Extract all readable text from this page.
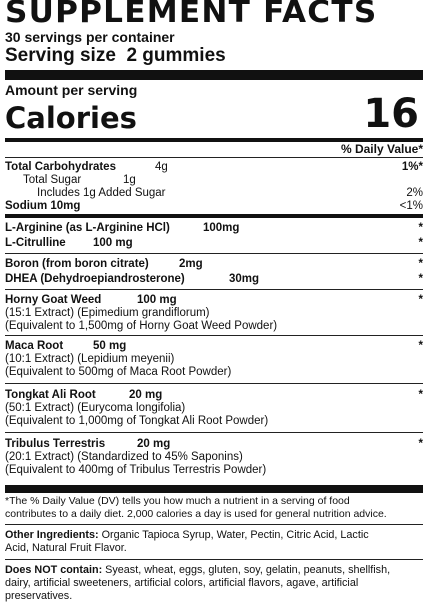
SUPPLEMENT FACTS
30 servings per container
Serving size  2 gummies
Amount per serving
Calories	16
% Daily Value*
Total Carbohydrates	4g	1%*
Total Sugar	1g
Includes 1g Added Sugar	2%
Sodium 10mg	<1%
L-Arginine (as L-Arginine HCl)	100mg	*
L-Citrulline 100 mg	*
Boron (from boron citrate)	2mg	*
DHEA (Dehydroepiandrosterone)	30mg	*
Horny Goat Weed	100 mg	*
(15:1 Extract) (Epimedium grandiflorum)
(Equivalent to 1,500mg of Horny Goat Weed Powder)
Maca Root	50 mg	*
(10:1 Extract) (Lepidium meyenii)
(Equivalent to 500mg of Maca Root Powder)
Tongkat Ali Root	20 mg	*
(50:1 Extract) (Eurycoma longifolia)
(Equivalent to 1,000mg of Tongkat Ali Root Powder)
Tribulus Terrestris	20 mg	*
(20:1 Extract) (Standardized to 45% Saponins)
(Equivalent to 400mg of Tribulus Terrestris Powder)
*The % Daily Value (DV) tells you how much a nutrient in a serving of food
contributes to a daily diet. 2,000 calories a day is used for general nutrition advice.
Other Ingredients: Organic Tapioca Syrup, Water, Pectin, Citric Acid, Lactic
Acid, Natural Fruit Flavor.
Does NOT contain: Syeast, wheat, eggs, gluten, soy, gelatin, peanuts, shellfish,
dairy, artificial sweeteners, artificial colors, artificial flavors, agave, artificial
preservatives.
